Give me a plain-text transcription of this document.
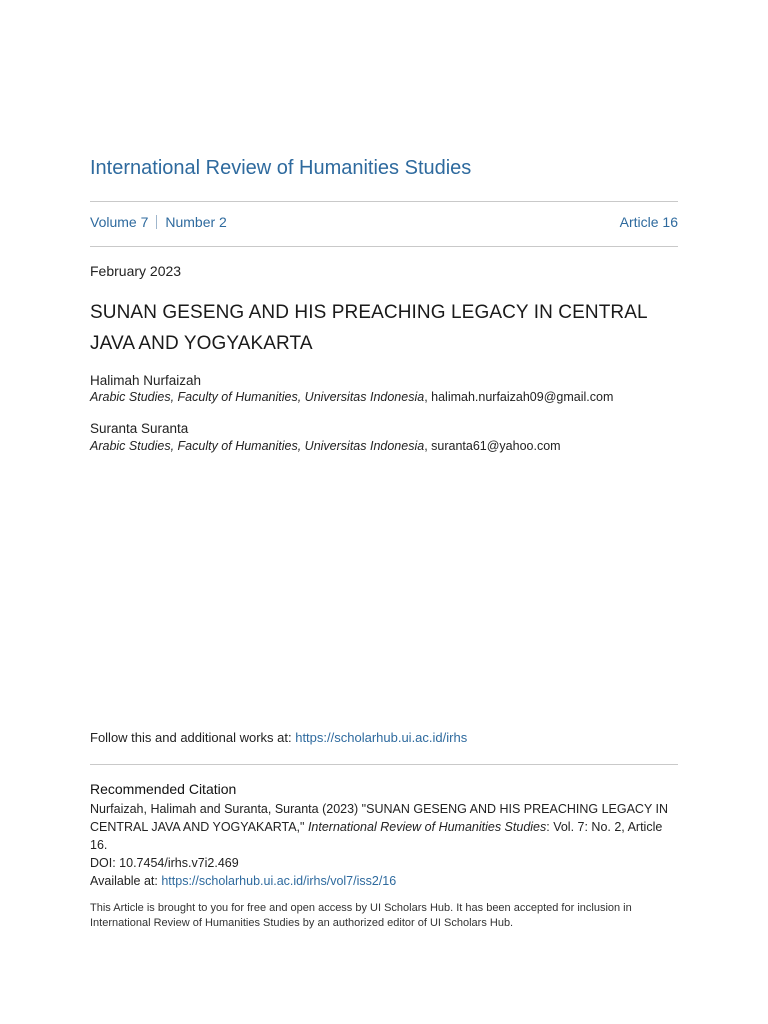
International Review of Humanities Studies
Volume 7 Number 2	Article 16
February 2023
SUNAN GESENG AND HIS PREACHING LEGACY IN CENTRAL
JAVA AND YOGYAKARTA
Halimah Nurfaizah
Arabic Studies, Faculty of Humanities, Universitas Indonesia, halimah.nurfaizah09@gmail.com
Suranta Suranta
Arabic Studies, Faculty of Humanities, Universitas Indonesia, suranta61@yahoo.com
Follow this and additional works at: https://scholarhub.ui.ac.id/irhs
Recommended Citation

Nurfaizah, Halimah and Suranta, Suranta (2023) "SUNAN GESENG AND HIS PREACHING LEGACY IN

CENTRAL JAVA AND YOGYAKARTA," International Review of Humanities Studies: Vol. 7: No. 2, Article 16.

DOI: 10.7454/irhs.v7i2.469

Available at: https://scholarhub.ui.ac.id/irhs/vol7/iss2/16

This Article is brought to you for free and open access by UI Scholars Hub. It has been accepted for inclusion in
International Review of Humanities Studies by an authorized editor of UI Scholars Hub.
